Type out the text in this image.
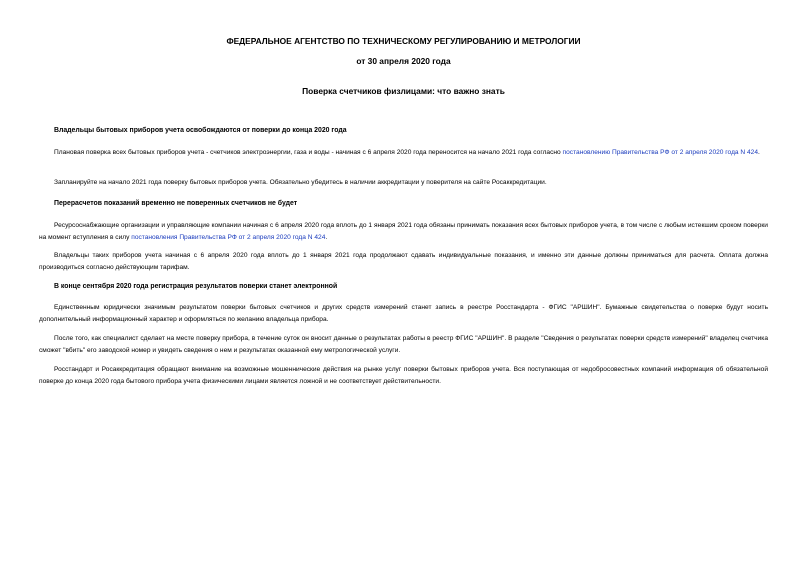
ФЕДЕРАЛЬНОЕ АГЕНТСТВО ПО ТЕХНИЧЕСКОМУ РЕГУЛИРОВАНИЮ И МЕТРОЛОГИИ
от 30 апреля 2020 года
Поверка счетчиков физлицами: что важно знать
Владельцы бытовых приборов учета освобождаются от поверки до конца 2020 года
Плановая поверка всех бытовых приборов учета - счетчиков электроэнергии, газа и воды - начиная с 6 апреля 2020 года переносится на начало 2021 года согласно постановлению Правительства РФ от 2 апреля 2020 года N 424.
Запланируйте на начало 2021 года поверку бытовых приборов учета. Обязательно убедитесь в наличии аккредитации у поверителя на сайте Росаккредитации.
Перерасчетов показаний временно не поверенных счетчиков не будет
Ресурсоснабжающие организации и управляющие компании начиная с 6 апреля 2020 года вплоть до 1 января 2021 года обязаны принимать показания всех бытовых приборов учета, в том числе с любым истекшим сроком поверки на момент вступления в силу постановления Правительства РФ от 2 апреля 2020 года N 424.
Владельцы таких приборов учета начиная с 6 апреля 2020 года вплоть до 1 января 2021 года продолжают сдавать индивидуальные показания, и именно эти данные должны приниматься для расчета. Оплата должна производиться согласно действующим тарифам.
В конце сентября 2020 года регистрация результатов поверки станет электронной
Единственным юридически значимым результатом поверки бытовых счетчиков и других средств измерений станет запись в реестре Росстандарта - ФГИС "АРШИН". Бумажные свидетельства о поверке будут носить дополнительный информационный характер и оформляться по желанию владельца прибора.
После того, как специалист сделает на месте поверку прибора, в течение суток он вносит данные о результатах работы в реестр ФГИС "АРШИН". В разделе "Сведения о результатах поверки средств измерений" владелец счетчика сможет "вбить" его заводской номер и увидеть сведения о нем и результатах оказанной ему метрологической услуги.
Росстандарт и Росаккредитация обращают внимание на возможные мошеннические действия на рынке услуг поверки бытовых приборов учета. Вся поступающая от недобросовестных компаний информация об обязательной поверке до конца 2020 года бытового прибора учета физическими лицами является ложной и не соответствует действительности.
